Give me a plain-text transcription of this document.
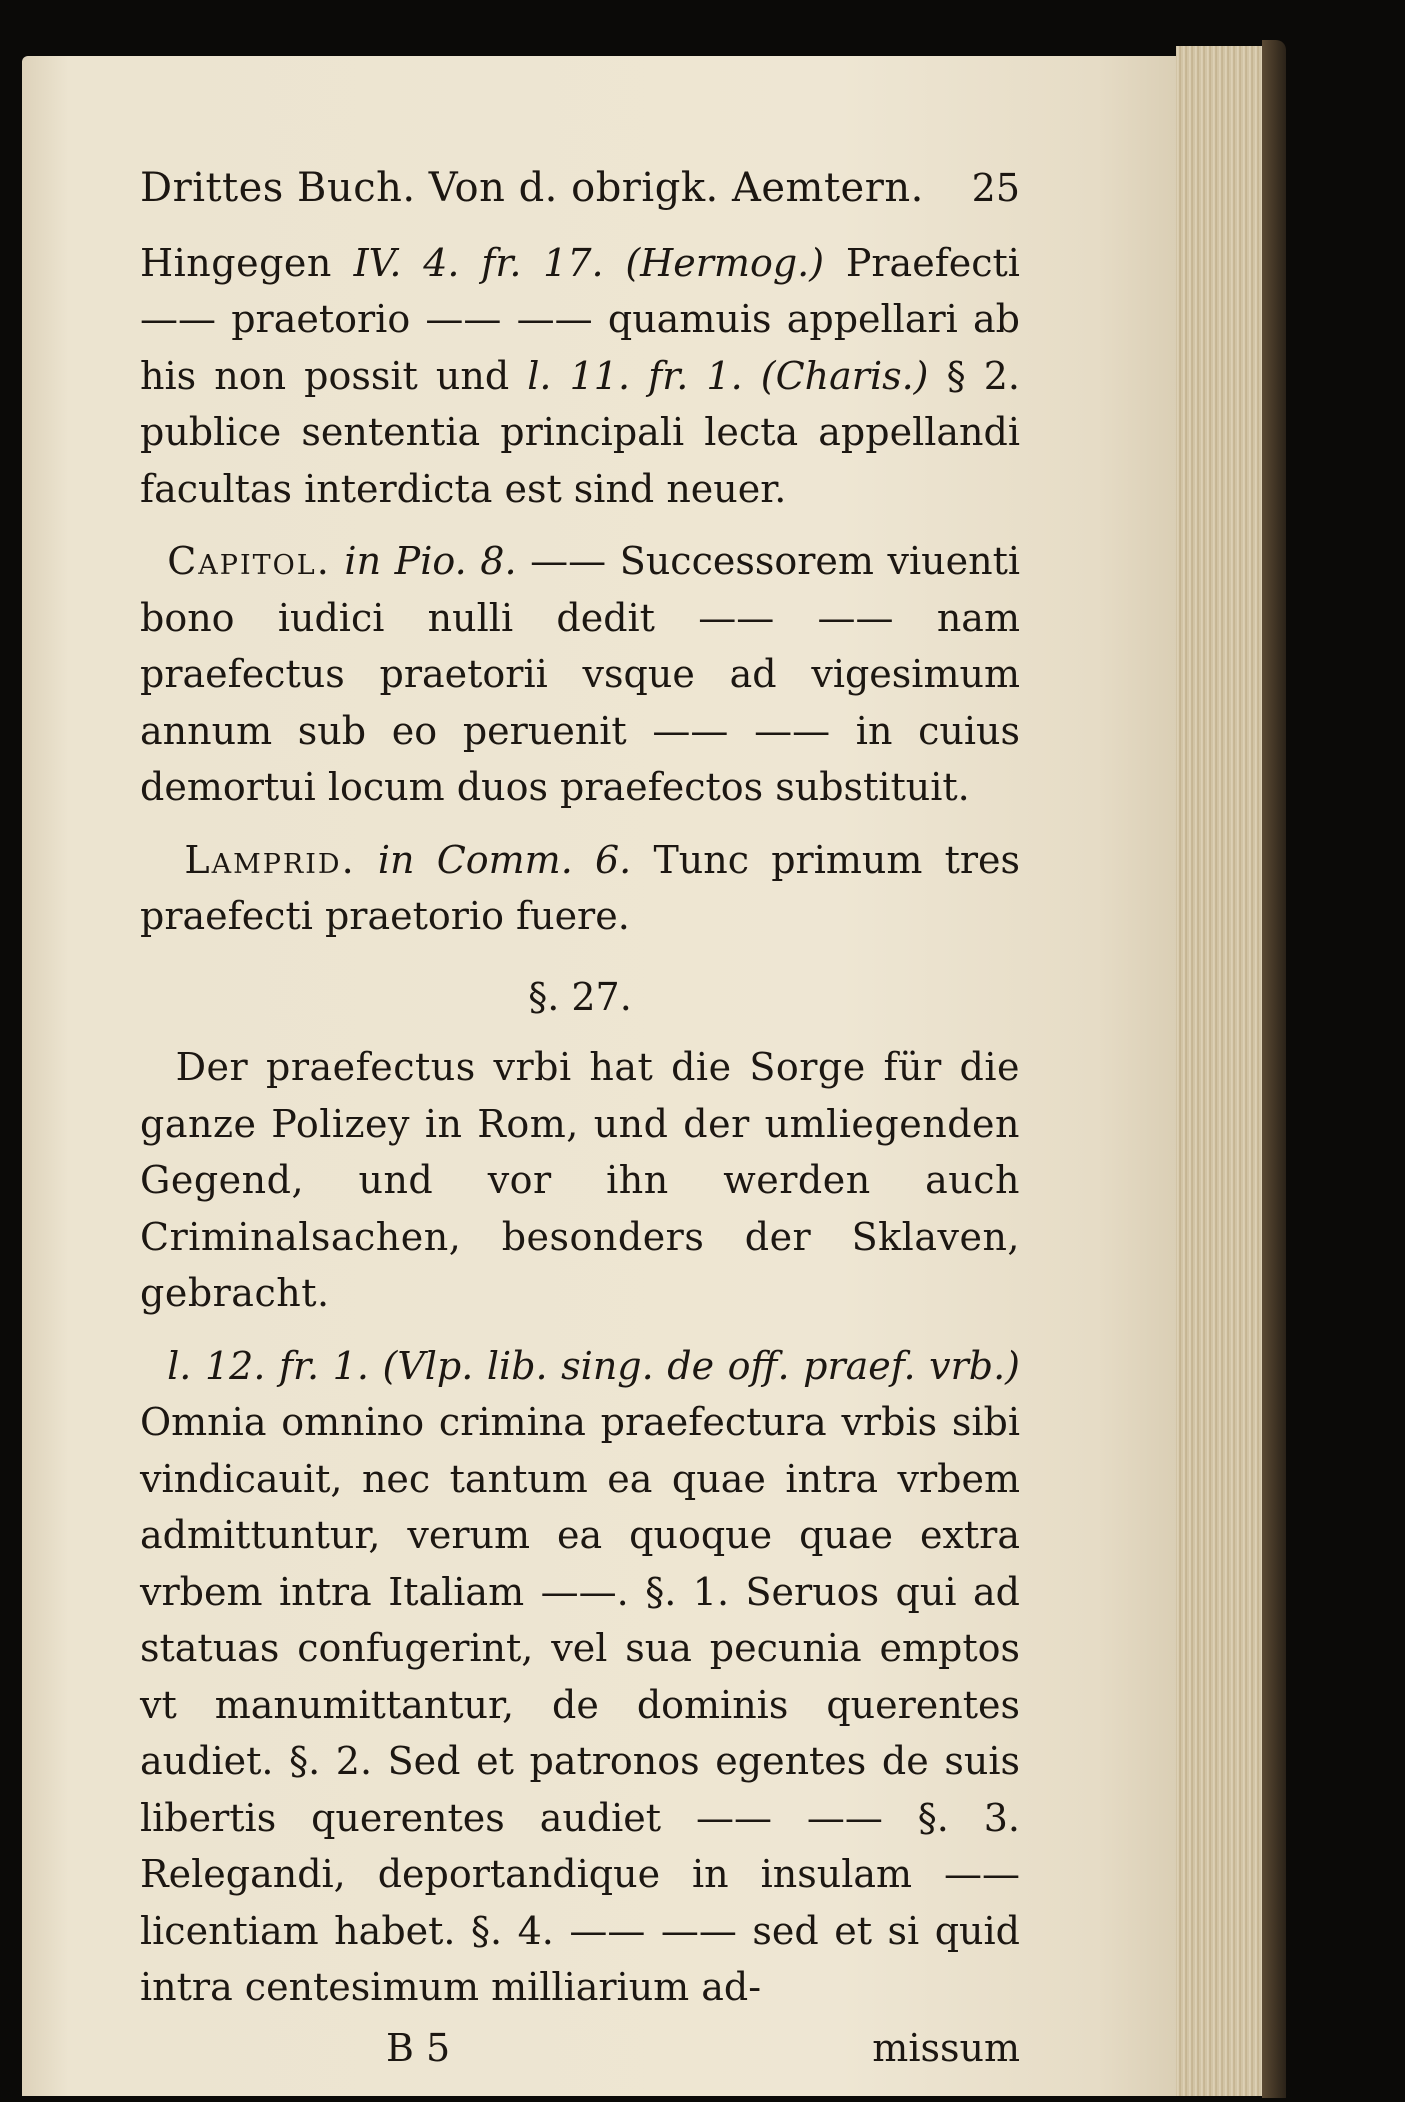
Drittes Buch. Von d. obrigk. Aemtern. 25

Hingegen IV. 4. fr. 17. (Hermog.) Praefecti —— praetorio —— —— quamuis appellari ab his non possit und l. 11. fr. 1. (Charis.) § 2. publice sententia principali lecta appellandi facultas interdicta est sind neuer.

Capitol. in Pio. 8. —— Successorem viuenti bono iudici nulli dedit —— —— nam praefectus praetorii vsque ad vigesimum annum sub eo peruenit —— —— in cuius demortui locum duos praefectos substituit.

Lamprid. in Comm. 6. Tunc primum tres praefecti praetorio fuere.

§. 27.

Der praefectus vrbi hat die Sorge für die ganze Polizey in Rom, und der umliegenden Gegend, und vor ihn werden auch Criminalsachen, besonders der Sklaven, gebracht.

l. 12. fr. 1. (Vlp. lib. sing. de off. praef. vrb.) Omnia omnino crimina praefectura vrbis sibi vindicauit, nec tantum ea quae intra vrbem admittuntur, verum ea quoque quae extra vrbem intra Italiam ——. §. 1. Seruos qui ad statuas confugerint, vel sua pecunia emptos vt manumittantur, de dominis querentes audiet. §. 2. Sed et patronos egentes de suis libertis querentes audiet —— —— §. 3. Relegandi, deportandique in insulam —— licentiam habet. §. 4. —— —— sed et si quid intra centesimum milliarium ad-

B 5	missum
